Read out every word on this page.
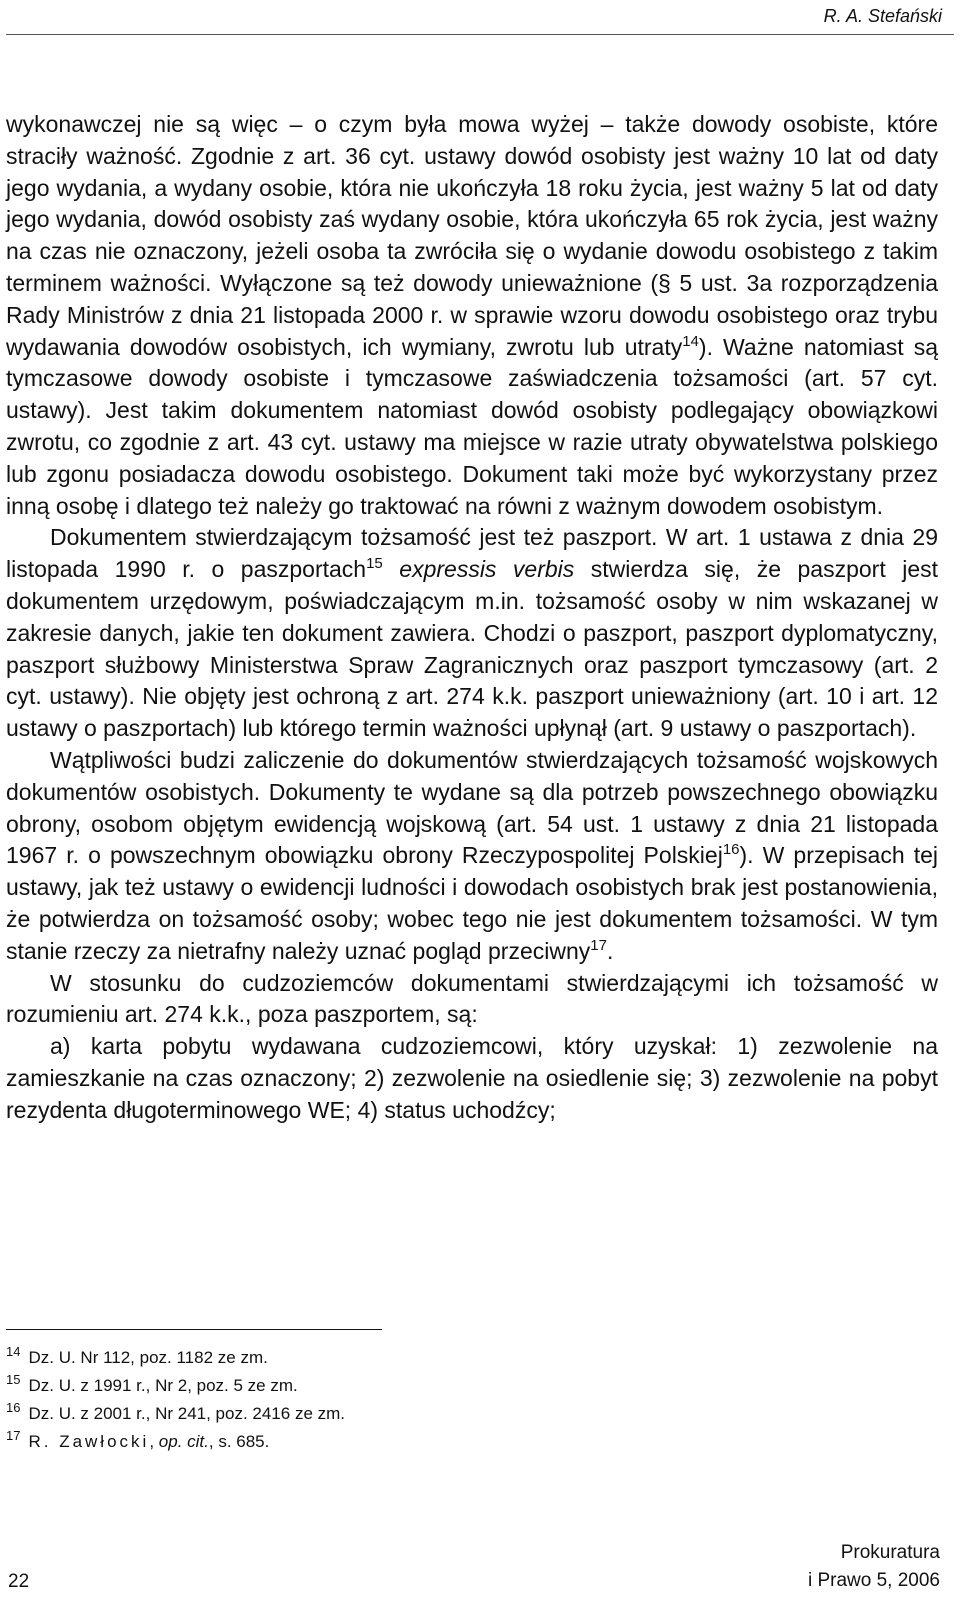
R. A. Stefański

wykonawczej nie są więc – o czym była mowa wyżej – także dowody osobiste, które straciły ważność. Zgodnie z art. 36 cyt. ustawy dowód osobisty jest ważny 10 lat od daty jego wydania, a wydany osobie, która nie ukończyła 18 roku życia, jest ważny 5 lat od daty jego wydania, dowód osobisty zaś wydany osobie, która ukończyła 65 rok życia, jest ważny na czas nie oznaczony, jeżeli osoba ta zwróciła się o wydanie dowodu osobistego z takim terminem ważności. Wyłączone są też dowody unieważnione (§ 5 ust. 3a rozporządzenia Rady Ministrów z dnia 21 listopada 2000 r. w sprawie wzoru dowodu osobistego oraz trybu wydawania dowodów osobistych, ich wymiany, zwrotu lub utraty$^{14}$). Ważne natomiast są tymczasowe dowody osobiste i tymczasowe zaświadczenia tożsamości (art. 57 cyt. ustawy). Jest takim dokumentem natomiast dowód osobisty podlegający obowiązkowi zwrotu, co zgodnie z art. 43 cyt. ustawy ma miejsce w razie utraty obywatelstwa polskiego lub zgonu posiadacza dowodu osobistego. Dokument taki może być wykorzystany przez inną osobę i dlatego też należy go traktować na równi z ważnym dowodem osobistym.

Dokumentem stwierdzającym tożsamość jest też paszport. W art. 1 ustawa z dnia 29 listopada 1990 r. o paszportach$^{15}$ expressis verbis stwierdza się, że paszport jest dokumentem urzędowym, poświadczającym m.in. tożsamość osoby w nim wskazanej w zakresie danych, jakie ten dokument zawiera. Chodzi o paszport, paszport dyplomatyczny, paszport służbowy Ministerstwa Spraw Zagranicznych oraz paszport tymczasowy (art. 2 cyt. ustawy). Nie objęty jest ochroną z art. 274 k.k. paszport unieważniony (art. 10 i art. 12 ustawy o paszportach) lub którego termin ważności upłynął (art. 9 ustawy o paszportach).

Wątpliwości budzi zaliczenie do dokumentów stwierdzających tożsamość wojskowych dokumentów osobistych. Dokumenty te wydane są dla potrzeb powszechnego obowiązku obrony, osobom objętym ewidencją wojskową (art. 54 ust. 1 ustawy z dnia 21 listopada 1967 r. o powszechnym obowiązku obrony Rzeczypospolitej Polskiej$^{16}$). W przepisach tej ustawy, jak też ustawy o ewidencji ludności i dowodach osobistych brak jest postanowienia, że potwierdza on tożsamość osoby; wobec tego nie jest dokumentem tożsamości. W tym stanie rzeczy za nietrafny należy uznać pogląd przeciwny$^{17}$.

W stosunku do cudzoziemców dokumentami stwierdzającymi ich tożsamość w rozumieniu art. 274 k.k., poza paszportem, są:

a) karta pobytu wydawana cudzoziemcowi, który uzyskał: 1) zezwolenie na zamieszkanie na czas oznaczony; 2) zezwolenie na osiedlenie się; 3) zezwolenie na pobyt rezydenta długoterminowego WE; 4) status uchodźcy;

$^{14}$ Dz. U. Nr 112, poz. 1182 ze zm.
$^{15}$ Dz. U. z 1991 r., Nr 2, poz. 5 ze zm.
$^{16}$ Dz. U. z 2001 r., Nr 241, poz. 2416 ze zm.
$^{17}$ R. Zawłocki, op. cit., s. 685.
22
Prokuratura
i Prawo 5, 2006
